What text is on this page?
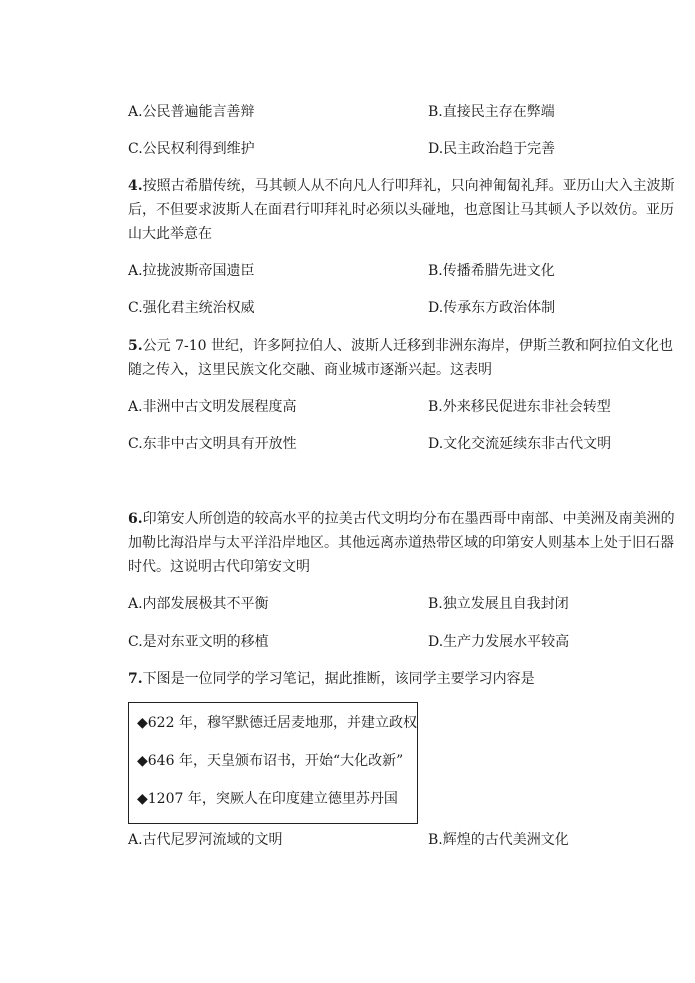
A.公民普遍能言善辩	B.直接民主存在弊端
C.公民权利得到维护	D.民主政治趋于完善
4.按照古希腊传统，马其顿人从不向凡人行叩拜礼，只向神匍匐礼拜。亚历山大入主波斯
后，不但要求波斯人在面君行叩拜礼时必须以头碰地，也意图让马其顿人予以效仿。亚历
山大此举意在
A.拉拢波斯帝国遗臣	B.传播希腊先进文化
C.强化君主统治权威	D.传承东方政治体制
5.公元 7-10 世纪，许多阿拉伯人、波斯人迁移到非洲东海岸，伊斯兰教和阿拉伯文化也
随之传入，这里民族文化交融、商业城市逐渐兴起。这表明
A.非洲中古文明发展程度高	B.外来移民促进东非社会转型
C.东非中古文明具有开放性	D.文化交流延续东非古代文明
6.印第安人所创造的较高水平的拉美古代文明均分布在墨西哥中南部、中美洲及南美洲的
加勒比海沿岸与太平洋沿岸地区。其他远离赤道热带区域的印第安人则基本上处于旧石器
时代。这说明古代印第安文明
A.内部发展极其不平衡	B.独立发展且自我封闭
C.是对东亚文明的移植	D.生产力发展水平较高
7.下图是一位同学的学习笔记，据此推断，该同学主要学习内容是
◆622 年，穆罕默德迁居麦地那，并建立政权
◆646 年，天皇颁布诏书，开始“大化改新”
◆1207 年，突厥人在印度建立德里苏丹国
A.古代尼罗河流域的文明	B.辉煌的古代美洲文化
